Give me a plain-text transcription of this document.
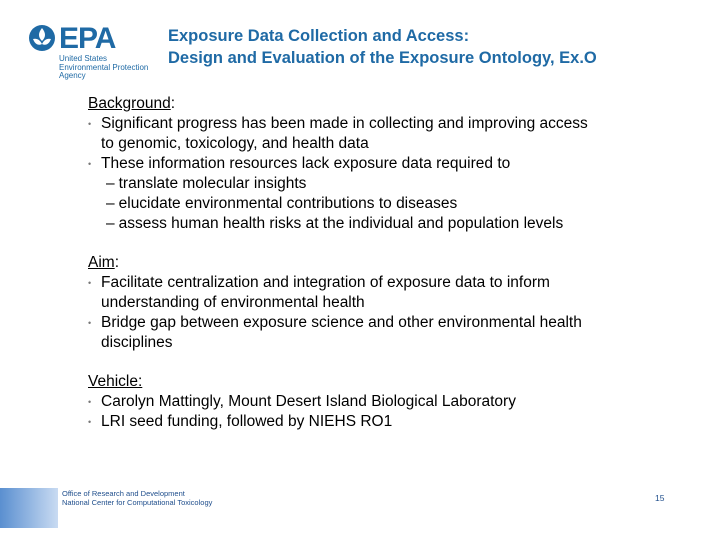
EPA
United States
Environmental Protection
Agency
Exposure Data Collection and Access:
Design and Evaluation of the Exposure Ontology, Ex.O
Background:
• Significant progress has been made in collecting and improving access
to genomic, toxicology, and health data
• These information resources lack exposure data required to
– translate molecular insights
– elucidate environmental contributions to diseases
– assess human health risks at the individual and population levels
Aim:
• Facilitate centralization and integration of exposure data to inform
understanding of environmental health
• Bridge gap between exposure science and other environmental health
disciplines
Vehicle:
• Carolyn Mattingly, Mount Desert Island Biological Laboratory
• LRI seed funding, followed by NIEHS RO1
Office of Research and Development
National Center for Computational Toxicology	15
